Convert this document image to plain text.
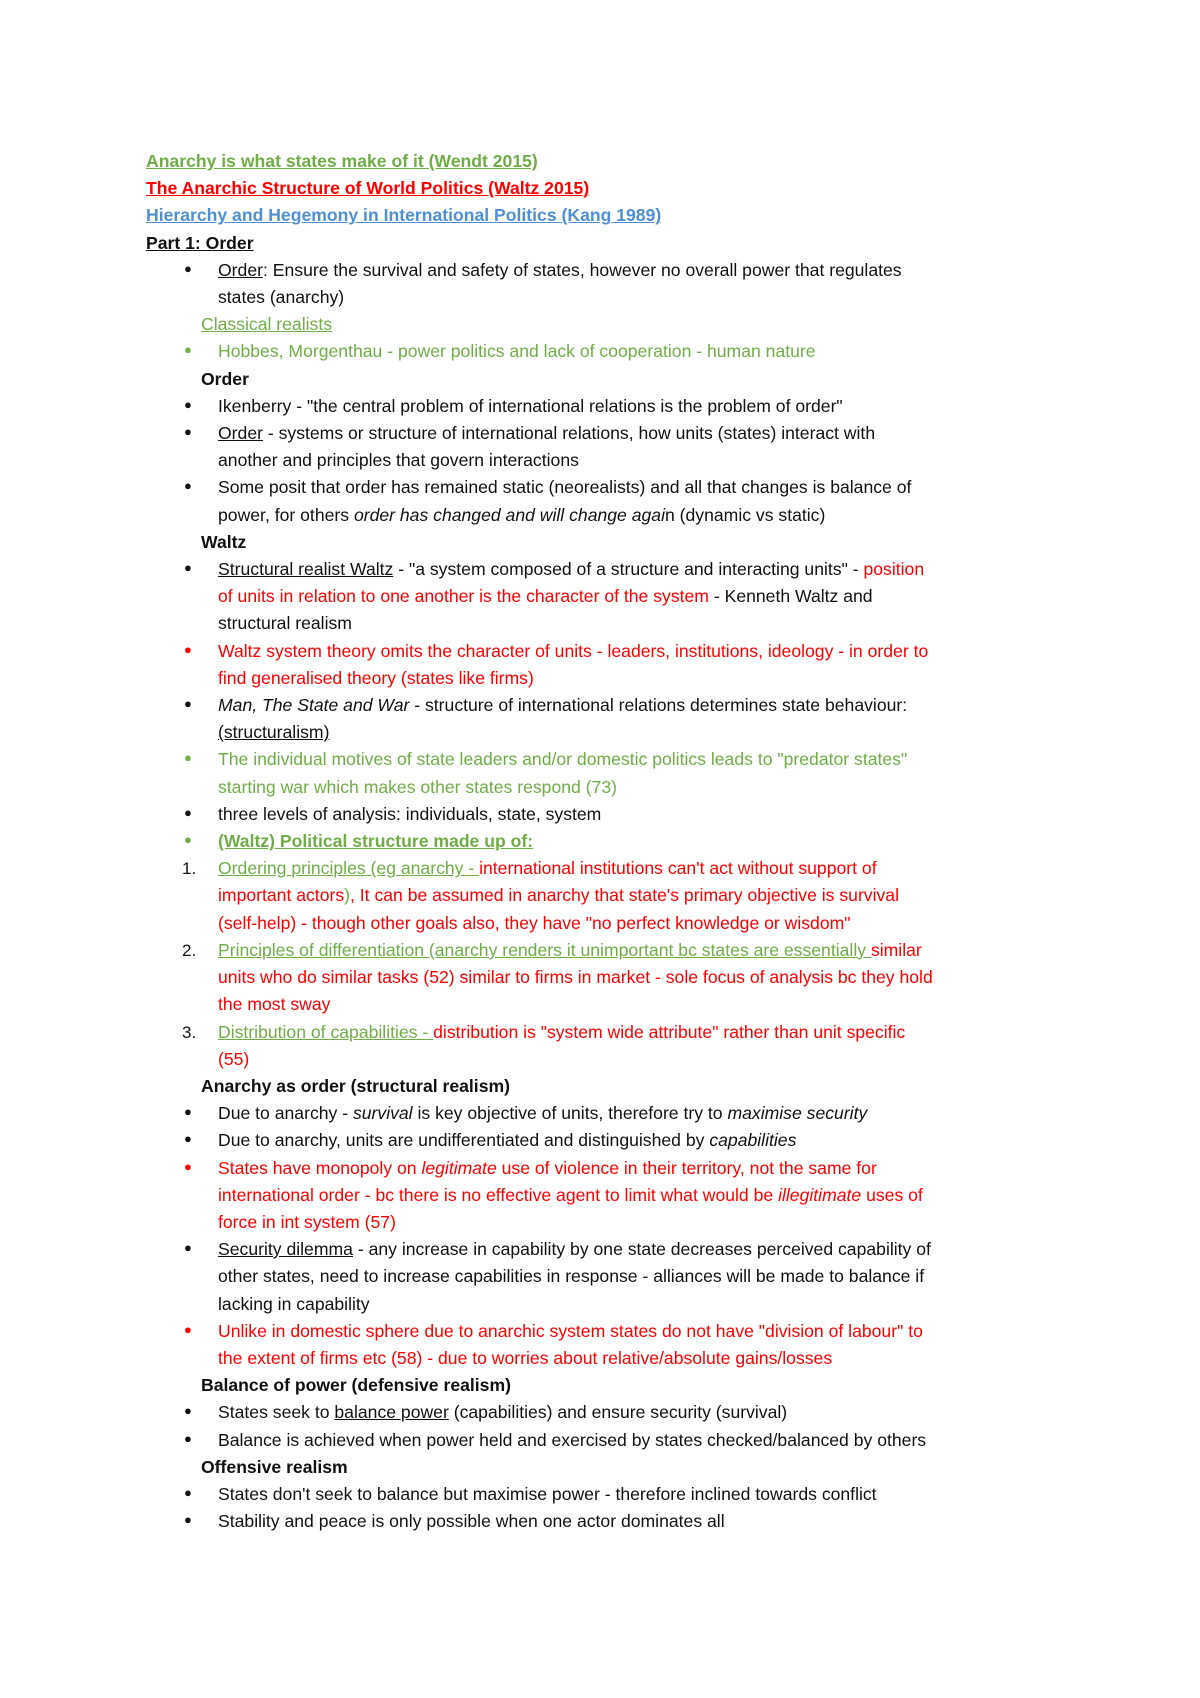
Anarchy is what states make of it (Wendt 2015)
The Anarchic Structure of World Politics (Waltz 2015)
Hierarchy and Hegemony in International Politics (Kang 1989)
Part 1: Order
●	Order: Ensure the survival and safety of states, however no overall power that regulates
states (anarchy)
Classical realists
●	Hobbes, Morgenthau - power politics and lack of cooperation - human nature
Order
●	Ikenberry - "the central problem of international relations is the problem of order"
●	Order - systems or structure of international relations, how units (states) interact with
another and principles that govern interactions
●	Some posit that order has remained static (neorealists) and all that changes is balance of
power, for others order has changed and will change again (dynamic vs static)
Waltz
●	Structural realist Waltz - "a system composed of a structure and interacting units" - position
of units in relation to one another is the character of the system - Kenneth Waltz and
structural realism
●	Waltz system theory omits the character of units - leaders, institutions, ideology - in order to
find generalised theory (states like firms)
●	Man, The State and War - structure of international relations determines state behaviour:
(structuralism)
●	The individual motives of state leaders and/or domestic politics leads to "predator states"
starting war which makes other states respond (73)
●	three levels of analysis: individuals, state, system
●	(Waltz) Political structure made up of:
1.	Ordering principles (eg anarchy - international institutions can't act without support of
important actors), It can be assumed in anarchy that state's primary objective is survival
(self-help) - though other goals also, they have "no perfect knowledge or wisdom"
2.	Principles of differentiation (anarchy renders it unimportant bc states are essentially similar
units who do similar tasks (52) similar to firms in market - sole focus of analysis bc they hold
the most sway
3.	Distribution of capabilities - distribution is "system wide attribute" rather than unit specific
(55)
Anarchy as order (structural realism)
●	Due to anarchy - survival is key objective of units, therefore try to maximise security
●	Due to anarchy, units are undifferentiated and distinguished by capabilities
●	States have monopoly on legitimate use of violence in their territory, not the same for
international order - bc there is no effective agent to limit what would be illegitimate uses of
force in int system (57)
●	Security dilemma - any increase in capability by one state decreases perceived capability of
other states, need to increase capabilities in response - alliances will be made to balance if
lacking in capability
●	Unlike in domestic sphere due to anarchic system states do not have "division of labour" to
the extent of firms etc (58) - due to worries about relative/absolute gains/losses
Balance of power (defensive realism)
●	States seek to balance power (capabilities) and ensure security (survival)
●	Balance is achieved when power held and exercised by states checked/balanced by others
Offensive realism
●	States don't seek to balance but maximise power - therefore inclined towards conflict
●	Stability and peace is only possible when one actor dominates all
